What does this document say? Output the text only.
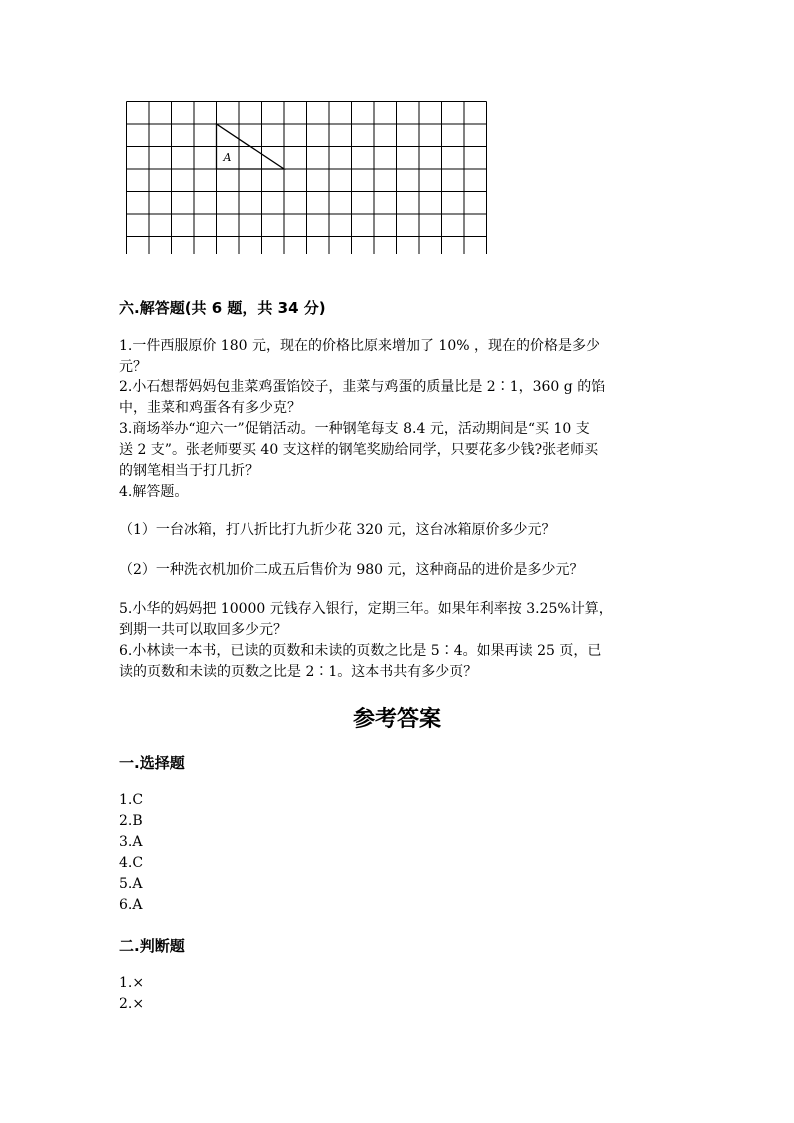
A
六.解答题(共 6 题，共 34 分)
1.一件西服原价 180 元，现在的价格比原来增加了 10% ，现在的价格是多少
元？
2.小石想帮妈妈包韭菜鸡蛋馅饺子，韭菜与鸡蛋的质量比是 2∶1，360 g 的馅
中，韭菜和鸡蛋各有多少克？
3.商场举办“迎六一”促销活动。一种钢笔每支 8.4 元，活动期间是“买 10 支
送 2 支”。张老师要买 40 支这样的钢笔奖励给同学，只要花多少钱?张老师买
的钢笔相当于打几折？
4.解答题。
（1）一台冰箱，打八折比打九折少花 320 元，这台冰箱原价多少元？
（2）一种洗衣机加价二成五后售价为 980 元，这种商品的进价是多少元？
5.小华的妈妈把 10000 元钱存入银行，定期三年。如果年利率按 3.25%计算，
到期一共可以取回多少元？
6.小林读一本书，已读的页数和未读的页数之比是 5∶4。如果再读 25 页，已
读的页数和未读的页数之比是 2∶1。这本书共有多少页？
参考答案
一.选择题
1.C
2.B
3.A
4.C
5.A
6.A
二.判断题
1.×
2.×
